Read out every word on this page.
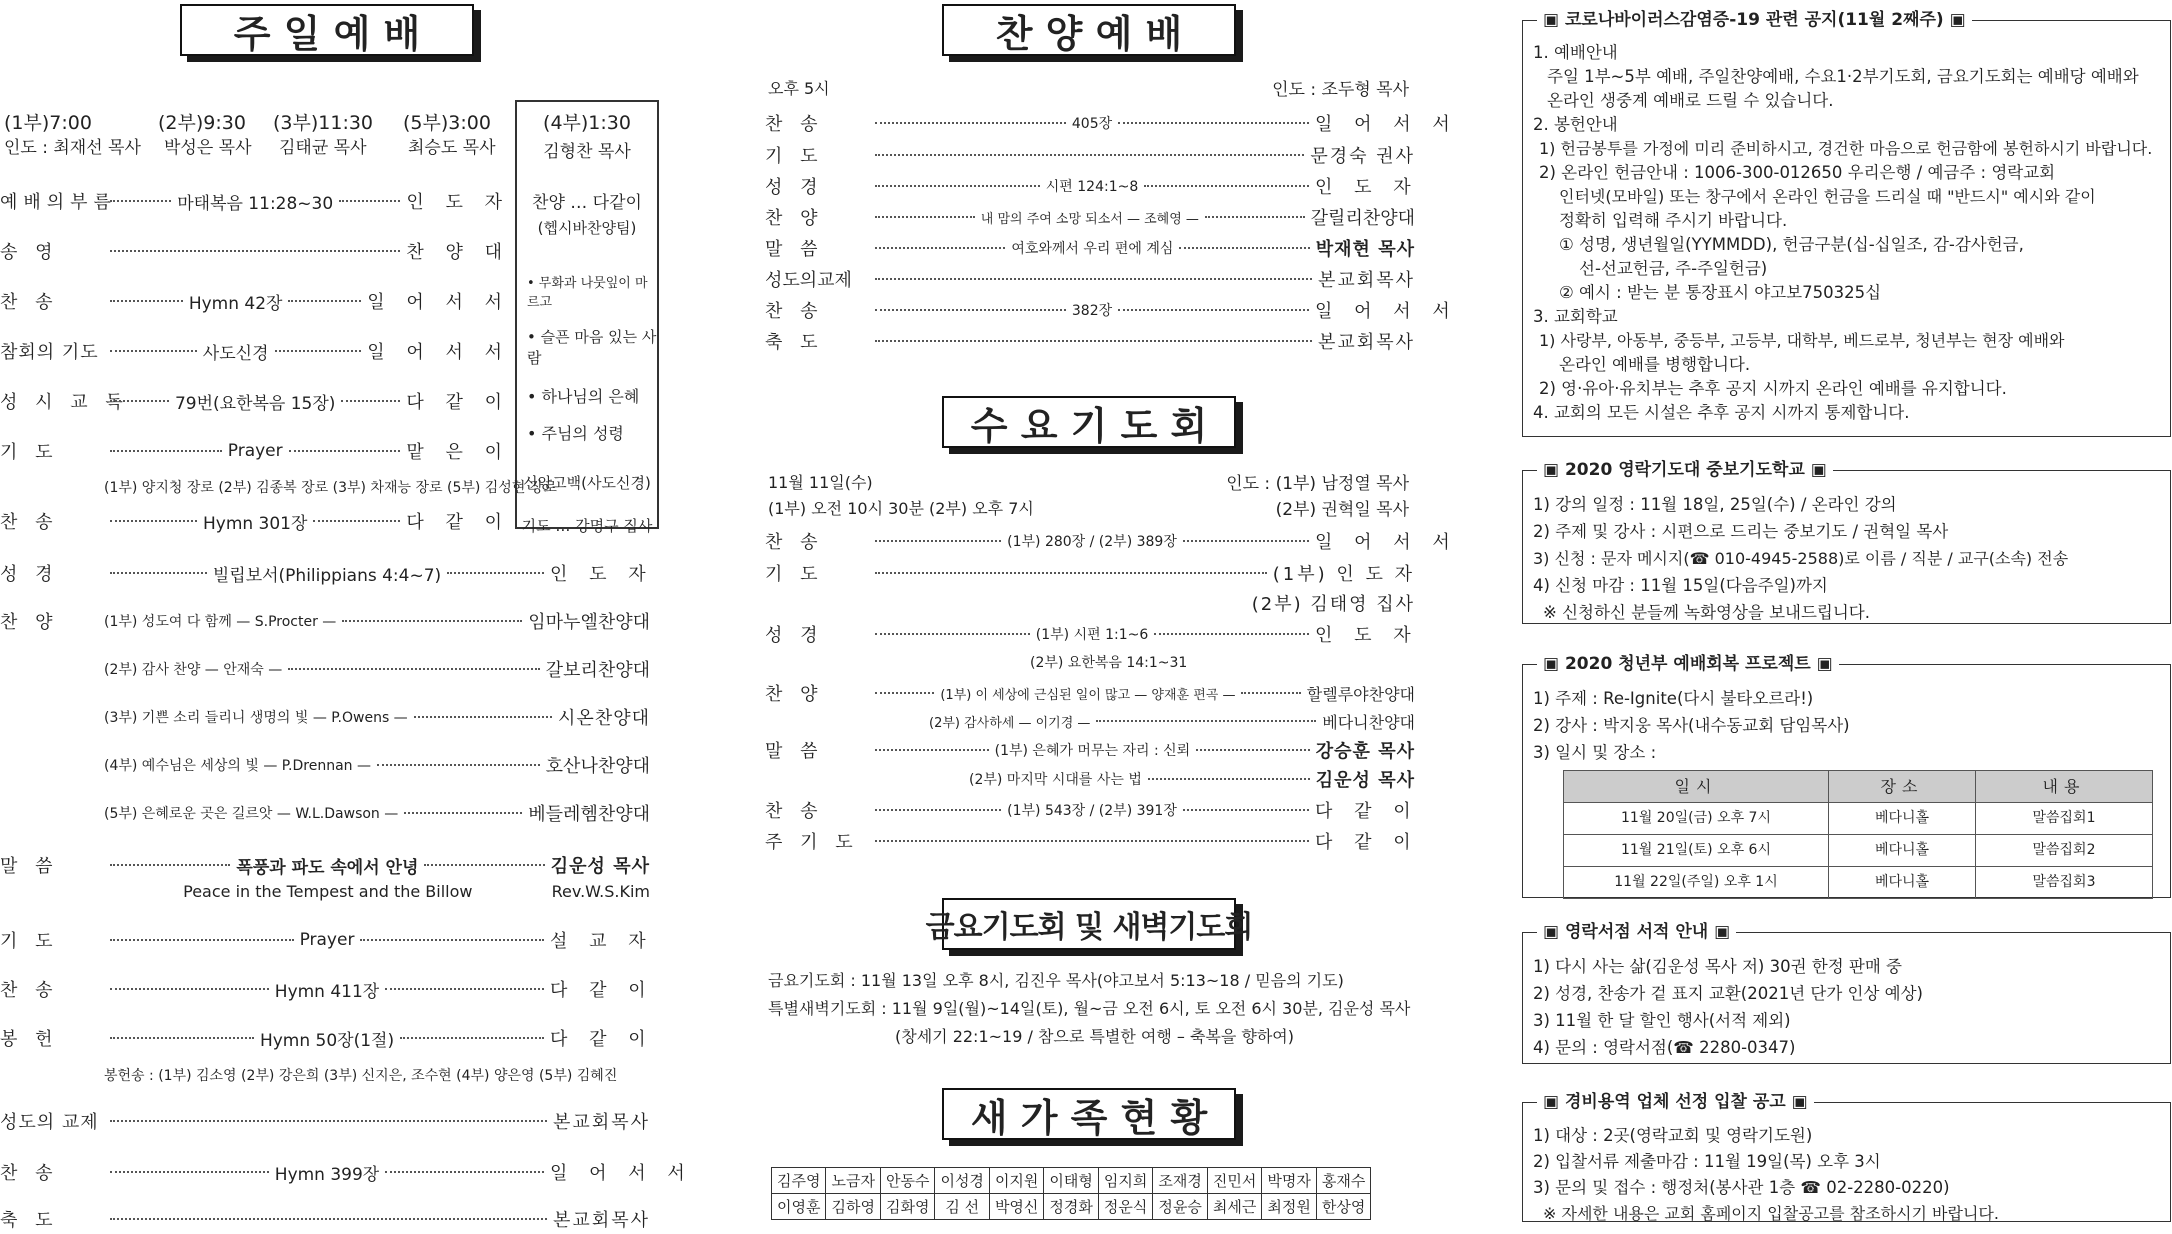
주 일 예 배
(1부)7:00
인도 : 최재선 목사
(2부)9:30
박성은 목사
(3부)11:30
김태균 목사
(5부)3:00
최승도 목사
(4부)1:30
김형찬 목사
찬양 … 다같이
(헵시바찬양팀)
• 무화과 나뭇잎이 마르고
• 슬픈 마음 있는 사람
• 하나님의 은혜
• 주님의 성령
신앙고백(사도신경)
기도 … 강명구 집사
예배의부름	마태복음 11:28~30	인 도 자
송 영	찬 양 대
찬 송	Hymn 42장	일 어 서 서
참회의 기도	사도신경	일 어 서 서
성 시 교 독	79번(요한복음 15장)	다 같 이
기 도	Prayer	맡 은 이
(1부) 양지청 장로 (2부) 김종복 장로 (3부) 차재능 장로 (5부) 김성현 장로
찬 송	Hymn 301장	다 같 이
성 경	빌립보서(Philippians 4:4~7)	인 도 자
찬 양	(1부) 성도여 다 함께 — S.Procter —	임마누엘찬양대
(2부) 감사 찬양 — 안재숙 —	갈보리찬양대
(3부) 기쁜 소리 들리니 생명의 빛 — P.Owens —	시온찬양대
(4부) 예수님은 세상의 빛 — P.Drennan —	호산나찬양대
(5부) 은혜로운 곳은 길르앗 — W.L.Dawson —	베들레헴찬양대
말 씀	폭풍과 파도 속에서 안녕	김운성 목사
Peace in the Tempest and the Billow	Rev.W.S.Kim
기 도	Prayer	설 교 자
찬 송	Hymn 411장	다 같 이
봉 헌	Hymn 50장(1절)	다 같 이
봉헌송 : (1부) 김소영 (2부) 강은희 (3부) 신지은, 조수현 (4부) 양은영 (5부) 김혜진
성도의 교제	본교회목사
찬 송	Hymn 399장	일 어 서 서
축 도	본교회목사
찬 양 예 배
오후 5시	인도 : 조두형 목사
찬 송	405장	일 어 서 서
기 도	문경숙 권사
성 경	시편 124:1~8	인 도 자
찬 양	내 맘의 주여 소망 되소서 — 조혜영 —	갈릴리찬양대
말 씀	여호와께서 우리 편에 계심	박재현 목사
성도의교제	본교회목사
찬 송	382장	일 어 서 서
축 도	본교회목사
수 요 기 도 회
11월 11일(수)
(1부) 오전 10시 30분 (2부) 오후 7시
인도 : (1부) 남정열 목사
(2부) 권혁일 목사
찬 송	(1부) 280장 / (2부) 389장	일 어 서 서
기 도	(1부) 인 도 자
(2부) 김태영 집사
성 경	(1부) 시편 1:1~6	인 도 자
(2부) 요한복음 14:1~31
찬 양	(1부) 이 세상에 근심된 일이 많고 — 양재훈 편곡 —	할렐루야찬양대
(2부) 감사하세 — 이기경 —	베다니찬양대
말 씀	(1부) 은혜가 머무는 자리 : 신뢰	강승훈 목사
(2부) 마지막 시대를 사는 법	김운성 목사
찬 송	(1부) 543장 / (2부) 391장	다 같 이
주 기 도	다 같 이
금요기도회 및 새벽기도회
금요기도회 : 11월 13일 오후 8시, 김진우 목사(야고보서 5:13~18 / 믿음의 기도)
특별새벽기도회 : 11월 9일(월)~14일(토), 월~금 오전 6시, 토 오전 6시 30분, 김운성 목사
(창세기 22:1~19 / 참으로 특별한 여행 – 축복을 향하여)
새 가 족 현 황
김주영	노금자	안동수	이성경	이지원	이태형	임지희	조재경	진민서	박명자	홍재수
이영훈	김하영	김화영	김 선	박영신	정경화	정운식	정윤승	최세근	최정원	한상영
▣ 코로나바이러스감염증-19 관련 공지(11월 2째주) ▣
1. 예배안내
주일 1부~5부 예배, 주일찬양예배, 수요1·2부기도회, 금요기도회는 예배당 예배와
온라인 생중계 예배로 드릴 수 있습니다.
2. 봉헌안내
1) 헌금봉투를 가정에 미리 준비하시고, 경건한 마음으로 헌금함에 봉헌하시기 바랍니다.
2) 온라인 헌금안내 : 1006-300-012650 우리은행 / 예금주 : 영락교회
인터넷(모바일) 또는 창구에서 온라인 헌금을 드리실 때 "반드시" 예시와 같이
정확히 입력해 주시기 바랍니다.
① 성명, 생년월일(YYMMDD), 헌금구분(십-십일조, 감-감사헌금,
선-선교헌금, 주-주일헌금)
② 예시 : 받는 분 통장표시 야고보750325십
3. 교회학교
1) 사랑부, 아동부, 중등부, 고등부, 대학부, 베드로부, 청년부는 현장 예배와
온라인 예배를 병행합니다.
2) 영·유아·유치부는 추후 공지 시까지 온라인 예배를 유지합니다.
4. 교회의 모든 시설은 추후 공지 시까지 통제합니다.
▣ 2020 영락기도대 중보기도학교 ▣
1) 강의 일정 : 11월 18일, 25일(수) / 온라인 강의
2) 주제 및 강사 : 시편으로 드리는 중보기도 / 권혁일 목사
3) 신청 : 문자 메시지(☎ 010-4945-2588)로 이름 / 직분 / 교구(소속) 전송
4) 신청 마감 : 11월 15일(다음주일)까지
※ 신청하신 분들께 녹화영상을 보내드립니다.
▣ 2020 청년부 예배회복 프로젝트 ▣
1) 주제 : Re-Ignite(다시 불타오르라!)
2) 강사 : 박지웅 목사(내수동교회 담임목사)
3) 일시 및 장소 :
일시	장소	내용
11월 20일(금) 오후 7시	베다니홀	말씀집회1
11월 21일(토) 오후 6시	베다니홀	말씀집회2
11월 22일(주일) 오후 1시	베다니홀	말씀집회3
▣ 영락서점 서적 안내 ▣
1) 다시 사는 삶(김운성 목사 저) 30권 한정 판매 중
2) 성경, 찬송가 겉 표지 교환(2021년 단가 인상 예상)
3) 11월 한 달 할인 행사(서적 제외)
4) 문의 : 영락서점(☎ 2280-0347)
▣ 경비용역 업체 선정 입찰 공고 ▣
1) 대상 : 2곳(영락교회 및 영락기도원)
2) 입찰서류 제출마감 : 11월 19일(목) 오후 3시
3) 문의 및 접수 : 행정처(봉사관 1층 ☎ 02-2280-0220)
※ 자세한 내용은 교회 홈페이지 입찰공고를 참조하시기 바랍니다.
